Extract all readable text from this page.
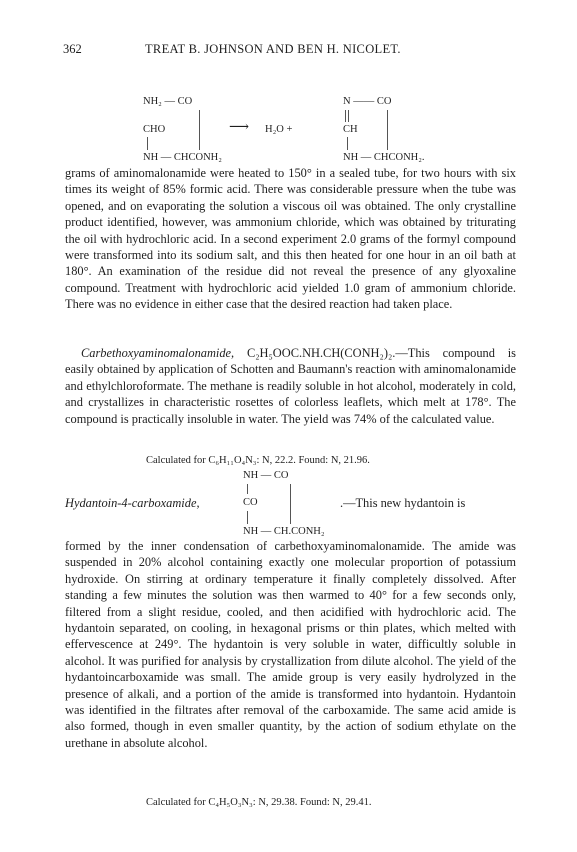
362	TREAT B. JOHNSON AND BEN H. NICOLET.
NH₂ — CO
CHO
NH — CHCONH₂
⟶ H₂O +
N —— CO
CH
NH — CHCONH₂.

grams of aminomalonamide were heated to 150° in a sealed tube, for two hours with six times its weight of 85% formic acid. There was considerable pressure when the tube was opened, and on evaporating the solution a viscous oil was obtained. The only crystalline product identified, however, was ammonium chloride, which was obtained by triturating the oil with hydrochloric acid. In a second experiment 2.0 grams of the formyl compound were transformed into its sodium salt, and this then heated for one hour in an oil bath at 180°. An examination of the residue did not reveal the presence of any glyoxaline compound. Treatment with hydrochloric acid yielded 1.0 gram of ammonium chloride. There was no evidence in either case that the desired reaction had taken place.

Carbethoxyaminomalonamide, C₂H₅OOC.NH.CH(CONH₂)₂.—This compound is easily obtained by application of Schotten and Baumann's reaction with aminomalonamide and ethylchloroformate. The methane is readily soluble in hot alcohol, moderately in cold, and crystallizes in characteristic rosettes of colorless leaflets, which melt at 178°. The compound is practically insoluble in water. The yield was 74% of the calculated value.

Calculated for C₆H₁₁O₄N₃: N, 22.2. Found: N, 21.96.
NH — CO
Hydantoin-4-carboxamide,	CO	.—This new hydantoin is
NH — CH.CONH₂

formed by the inner condensation of carbethoxyaminomalonamide. The amide was suspended in 20% alcohol containing exactly one molecular proportion of potassium hydroxide. On stirring at ordinary temperature it finally completely dissolved. After standing a few minutes the solution was then warmed to 40° for a few seconds only, filtered from a slight residue, cooled, and then acidified with hydrochloric acid. The hydantoin separated, on cooling, in hexagonal prisms or thin plates, which melted with effervescence at 249°. The hydantoin is very soluble in water, difficultly soluble in alcohol. It was purified for analysis by crystallization from dilute alcohol. The yield of the hydantoincarboxamide was small. The amide group is very easily hydrolyzed in the presence of alkali, and a portion of the amide is transformed into hydantoin. Hydantoin was identified in the filtrates after removal of the carboxamide. The same acid amide is also formed, though in even smaller quantity, by the action of sodium ethylate on the urethane in absolute alcohol.

Calculated for C₄H₅O₃N₃: N, 29.38. Found: N, 29.41.
